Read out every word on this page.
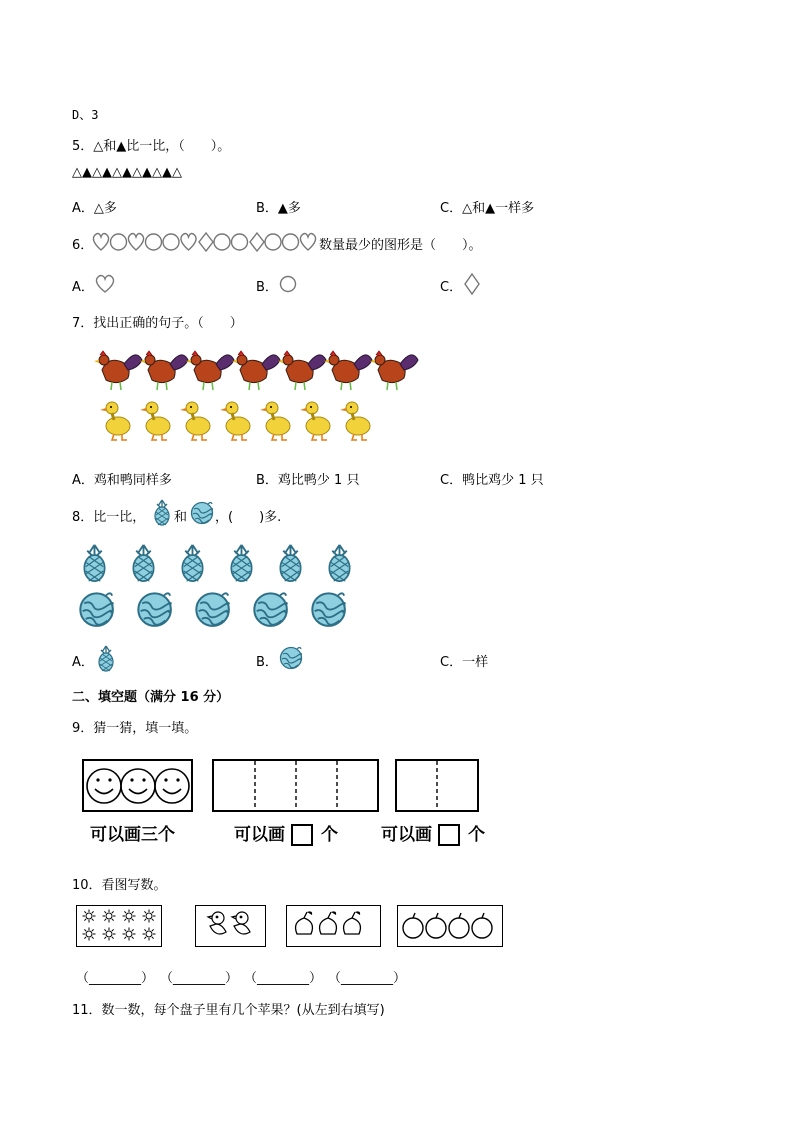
D、3
5．△和▲比一比，（　　）。
△▲△▲△▲△▲△▲△
A．△多	B．▲多	C．△和▲一样多
6．	数量最少的图形是（　　）。
A．	B．	C．
7．找出正确的句子。（　　）
A．鸡和鸭同样多	B．鸡比鸭少 1 只	C．鸭比鸡少 1 只
8．比一比， 和 ，(　　)多.
A．	B．	C．一样
二、填空题（满分 16 分）
9．猜一猜，填一填。
可以画三个	可以画 个	可以画 个
10．看图写数。
（________） （________） （________） （________）
11．数一数，每个盘子里有几个苹果？(从左到右填写)
